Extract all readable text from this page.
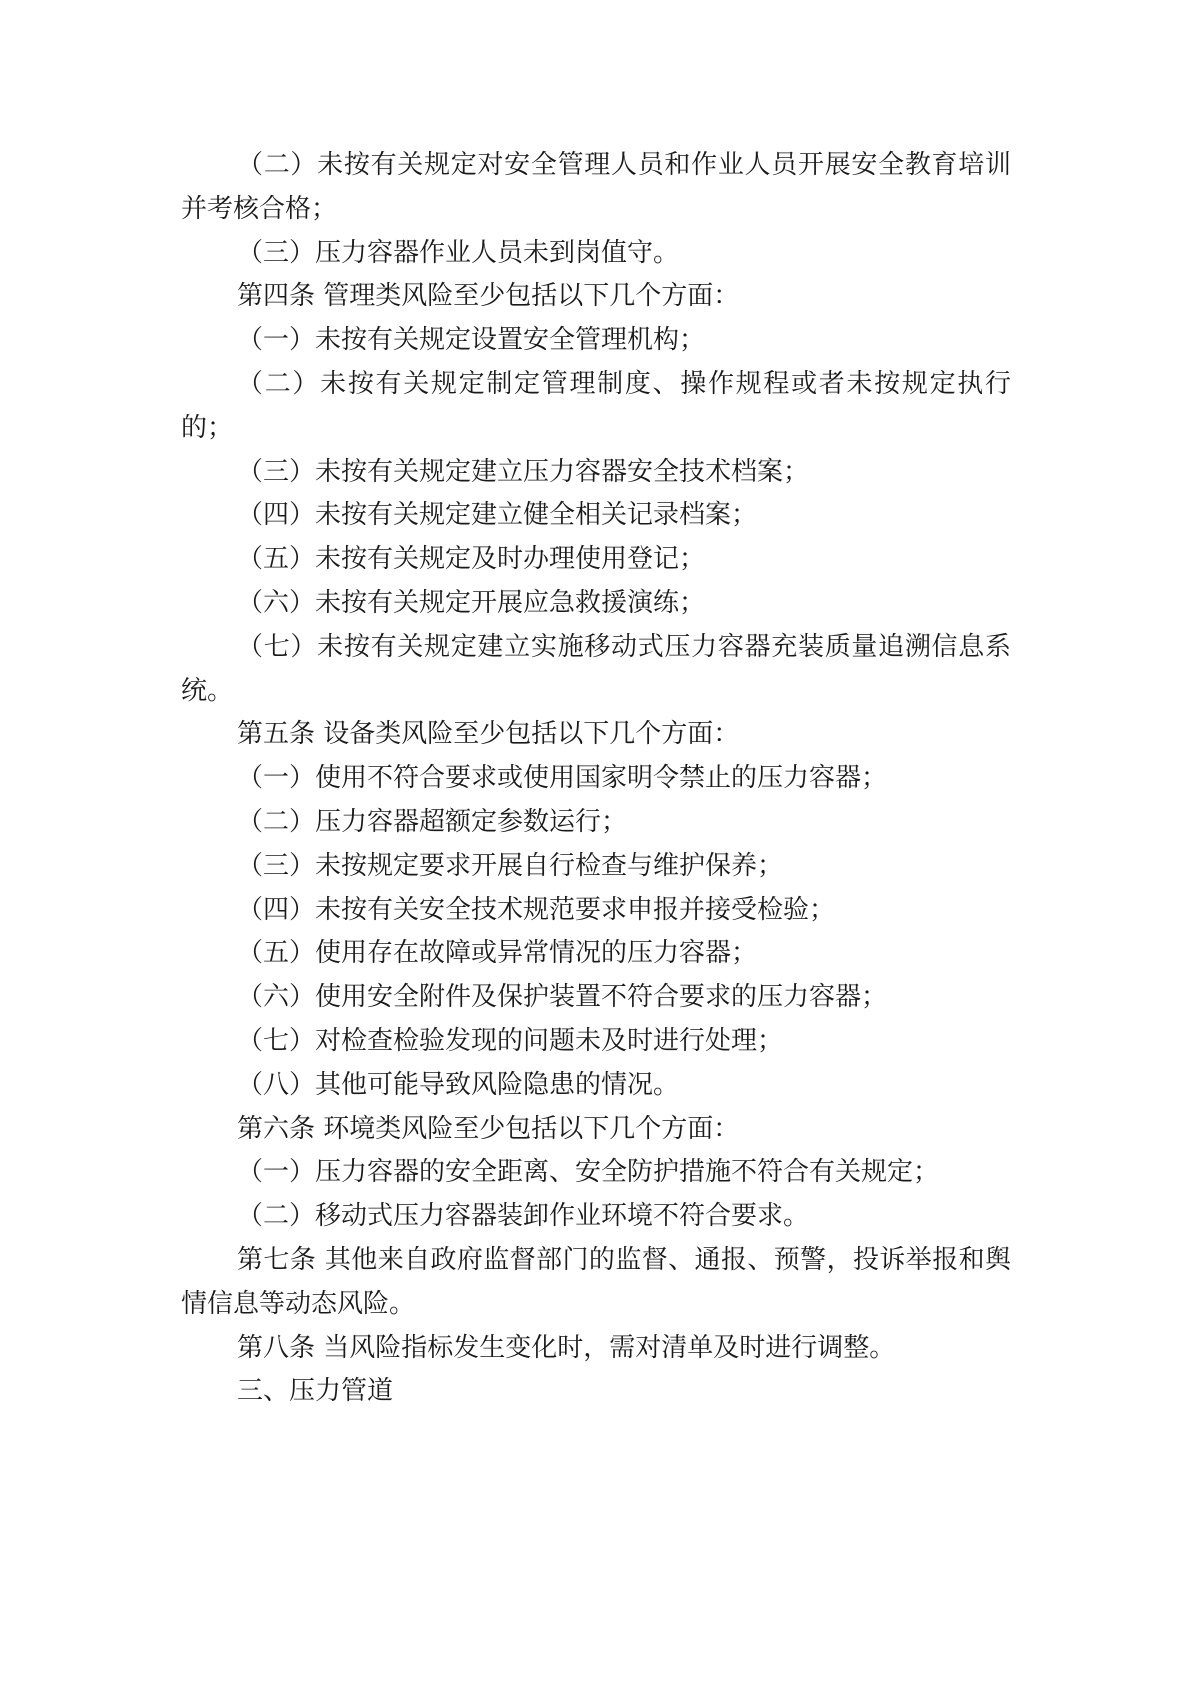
（二）未按有关规定对安全管理人员和作业人员开展安全教育培训并考核合格；

（三）压力容器作业人员未到岗值守。

第四条 管理类风险至少包括以下几个方面：

（一）未按有关规定设置安全管理机构；

（二）未按有关规定制定管理制度、操作规程或者未按规定执行的；

（三）未按有关规定建立压力容器安全技术档案；

（四）未按有关规定建立健全相关记录档案；

（五）未按有关规定及时办理使用登记；

（六）未按有关规定开展应急救援演练；

（七）未按有关规定建立实施移动式压力容器充装质量追溯信息系统。

第五条 设备类风险至少包括以下几个方面：

（一）使用不符合要求或使用国家明令禁止的压力容器；

（二）压力容器超额定参数运行；

（三）未按规定要求开展自行检查与维护保养；

（四）未按有关安全技术规范要求申报并接受检验；

（五）使用存在故障或异常情况的压力容器；

（六）使用安全附件及保护装置不符合要求的压力容器；

（七）对检查检验发现的问题未及时进行处理；

（八）其他可能导致风险隐患的情况。

第六条 环境类风险至少包括以下几个方面：

（一）压力容器的安全距离、安全防护措施不符合有关规定；

（二）移动式压力容器装卸作业环境不符合要求。

第七条 其他来自政府监督部门的监督、通报、预警，投诉举报和舆情信息等动态风险。

第八条 当风险指标发生变化时，需对清单及时进行调整。

三、压力管道
